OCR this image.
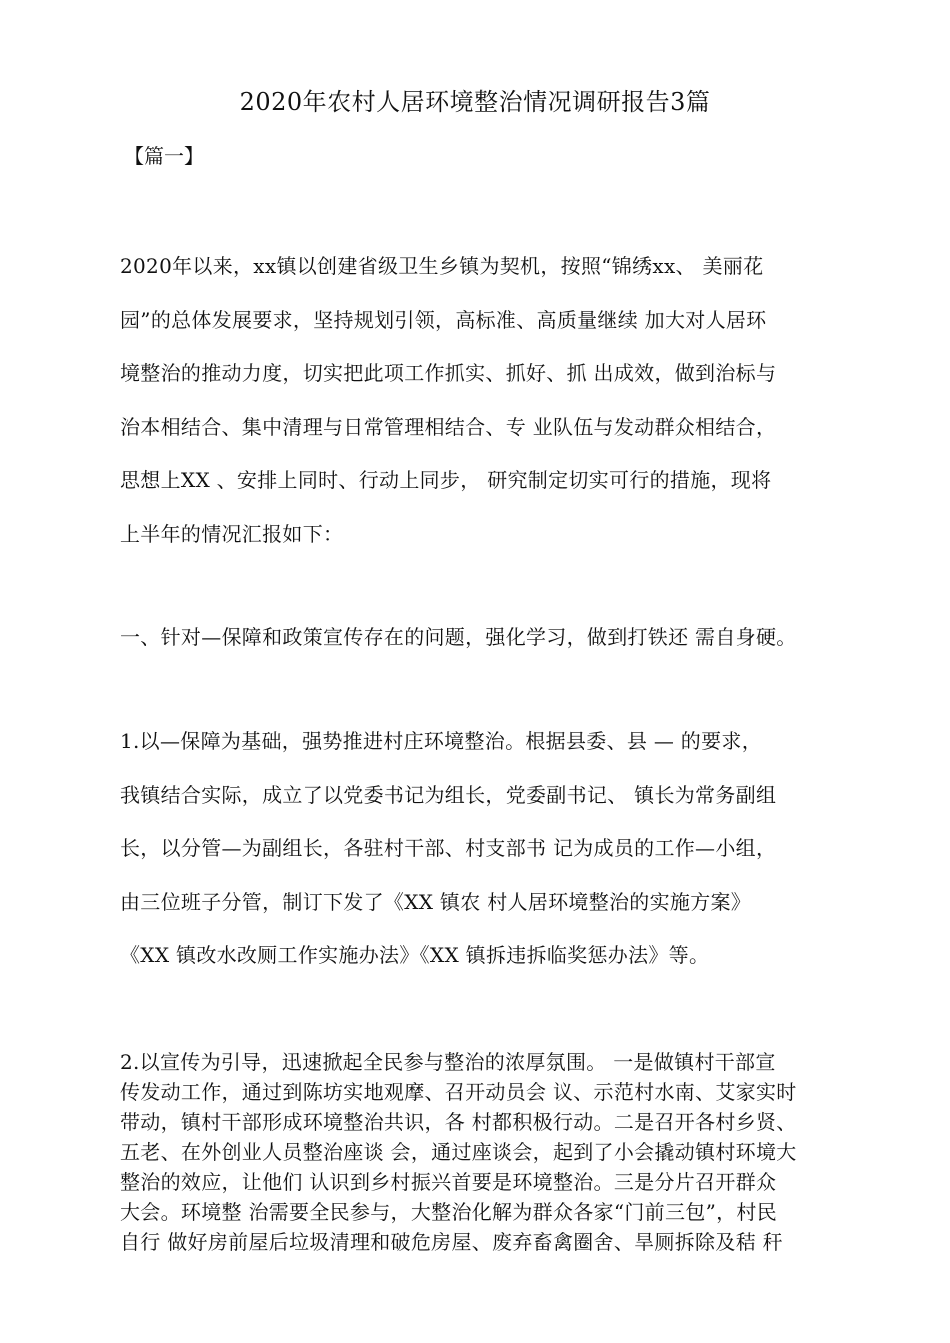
2020年农村人居环境整治情况调研报告3篇
【篇一】
2020年以来，xx镇以创建省级卫生乡镇为契机，按照“锦绣xx、 美丽花
园”的总体发展要求，坚持规划引领，高标准、高质量继续 加大对人居环
境整治的推动力度，切实把此项工作抓实、抓好、抓 出成效，做到治标与
治本相结合、集中清理与日常管理相结合、专 业队伍与发动群众相结合，
思想上XX 、安排上同时、行动上同步， 研究制定切实可行的措施，现将
上半年的情况汇报如下：
一、针对—保障和政策宣传存在的问题，强化学习，做到打铁还 需自身硬。
1.以—保障为基础，强势推进村庄环境整治。根据县委、县 — 的要求，
我镇结合实际，成立了以党委书记为组长，党委副书记、 镇长为常务副组
长，以分管—为副组长，各驻村干部、村支部书 记为成员的工作—小组，
由三位班子分管，制订下发了《XX 镇农 村人居环境整治的实施方案》
《XX 镇改水改厕工作实施办法》《XX 镇拆违拆临奖惩办法》等。
2.以宣传为引导，迅速掀起全民参与整治的浓厚氛围。 一是做镇村干部宣
传发动工作，通过到陈坊实地观摩、召开动员会 议、示范村水南、艾家实时
带动，镇村干部形成环境整治共识，各 村都积极行动。二是召开各村乡贤、
五老、在外创业人员整治座谈 会，通过座谈会，起到了小会撬动镇村环境大
整治的效应，让他们 认识到乡村振兴首要是环境整治。三是分片召开群众
大会。环境整 治需要全民参与，大整治化解为群众各家“门前三包”，村民
自行 做好房前屋后垃圾清理和破危房屋、废弃畜禽圈舍、旱厕拆除及秸 秆
